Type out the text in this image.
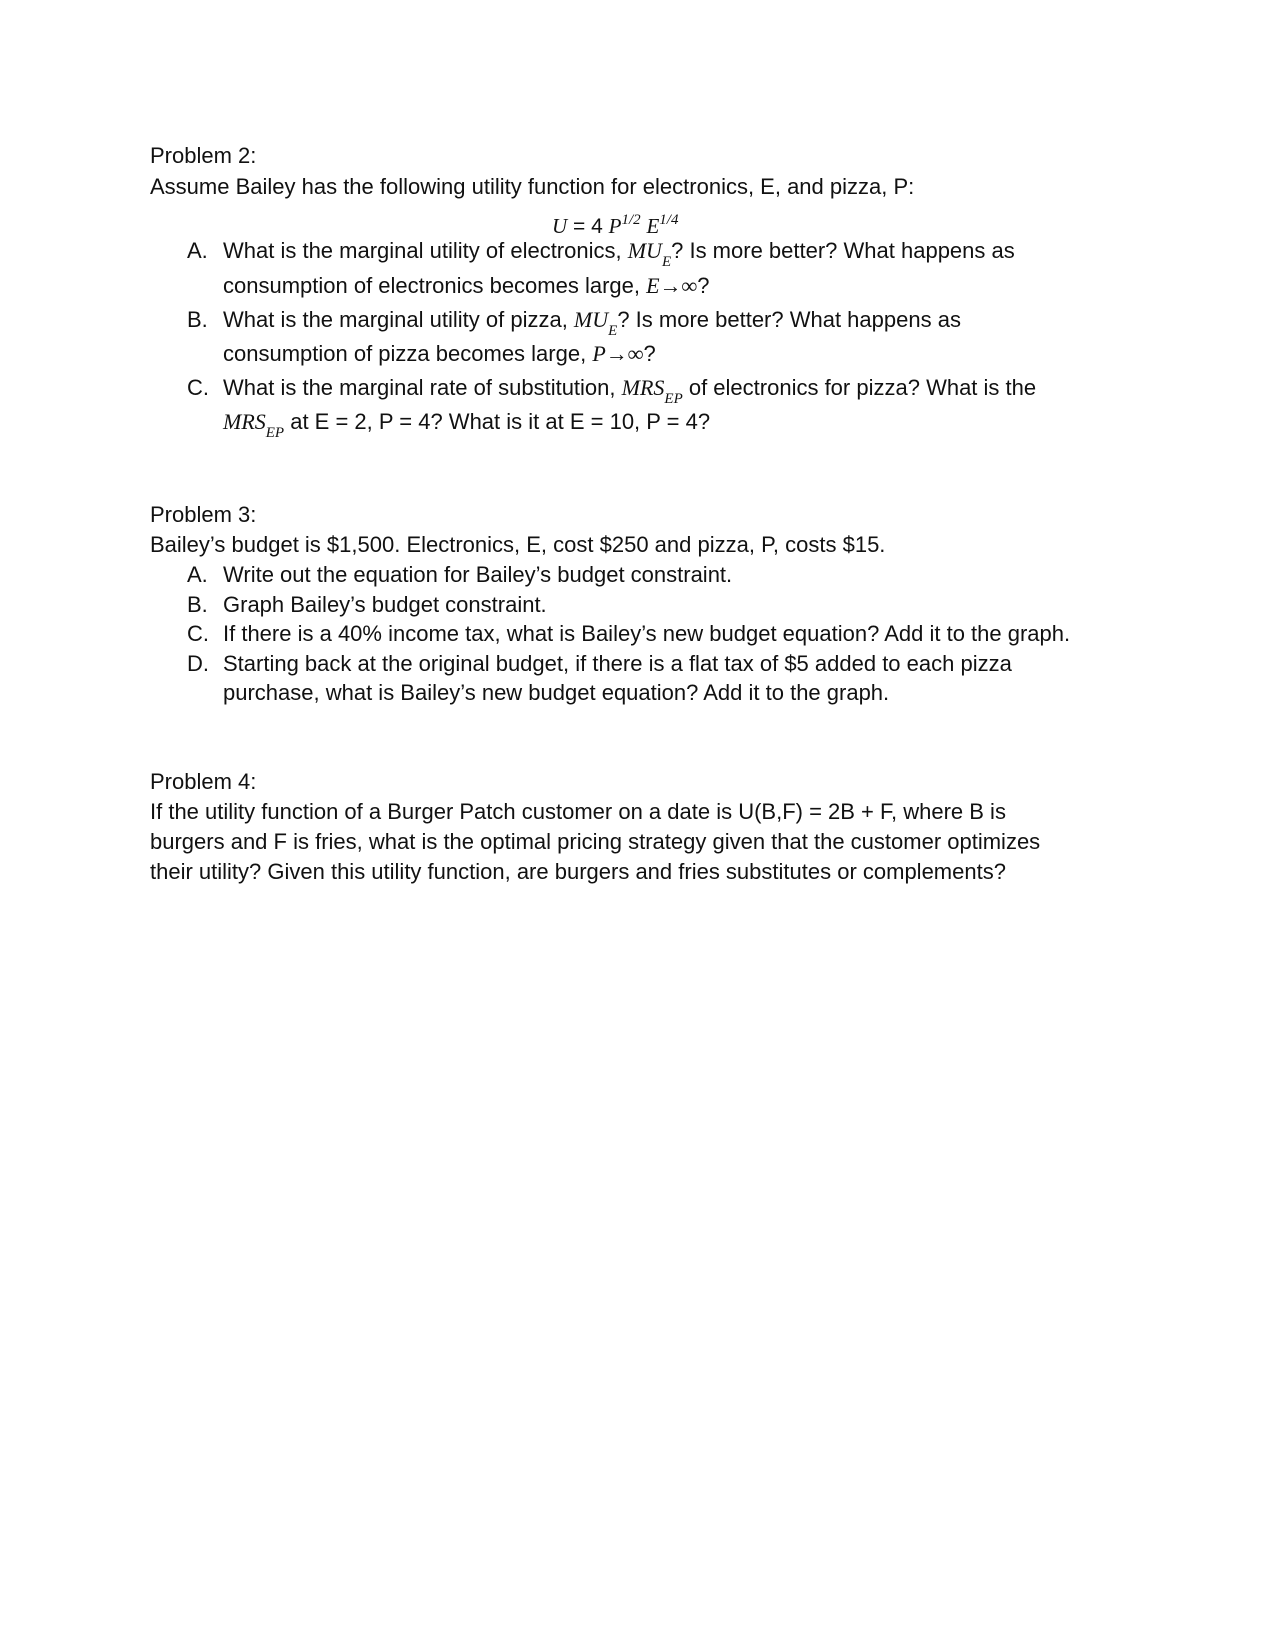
Problem 2:
Assume Bailey has the following utility function for electronics, E, and pizza, P:
U = 4 $P^{1/2}$ $E^{1/4}$
A. What is the marginal utility of electronics, $MU_E$? Is more better? What happens as
consumption of electronics becomes large, E→∞?
B. What is the marginal utility of pizza, $MU_E$? Is more better? What happens as
consumption of pizza becomes large, P→∞?
C. What is the marginal rate of substitution, $MRS_{EP}$ of electronics for pizza? What is the
$MRS_{EP}$ at E = 2, P = 4? What is it at E = 10, P = 4?
Problem 3:
Bailey’s budget is $1,500. Electronics, E, cost $250 and pizza, P, costs $15.
A. Write out the equation for Bailey’s budget constraint.
B. Graph Bailey’s budget constraint.
C. If there is a 40% income tax, what is Bailey’s new budget equation? Add it to the graph.
D. Starting back at the original budget, if there is a flat tax of $5 added to each pizza
purchase, what is Bailey’s new budget equation? Add it to the graph.
Problem 4:
If the utility function of a Burger Patch customer on a date is U(B,F) = 2B + F, where B is
burgers and F is fries, what is the optimal pricing strategy given that the customer optimizes
their utility? Given this utility function, are burgers and fries substitutes or complements?
